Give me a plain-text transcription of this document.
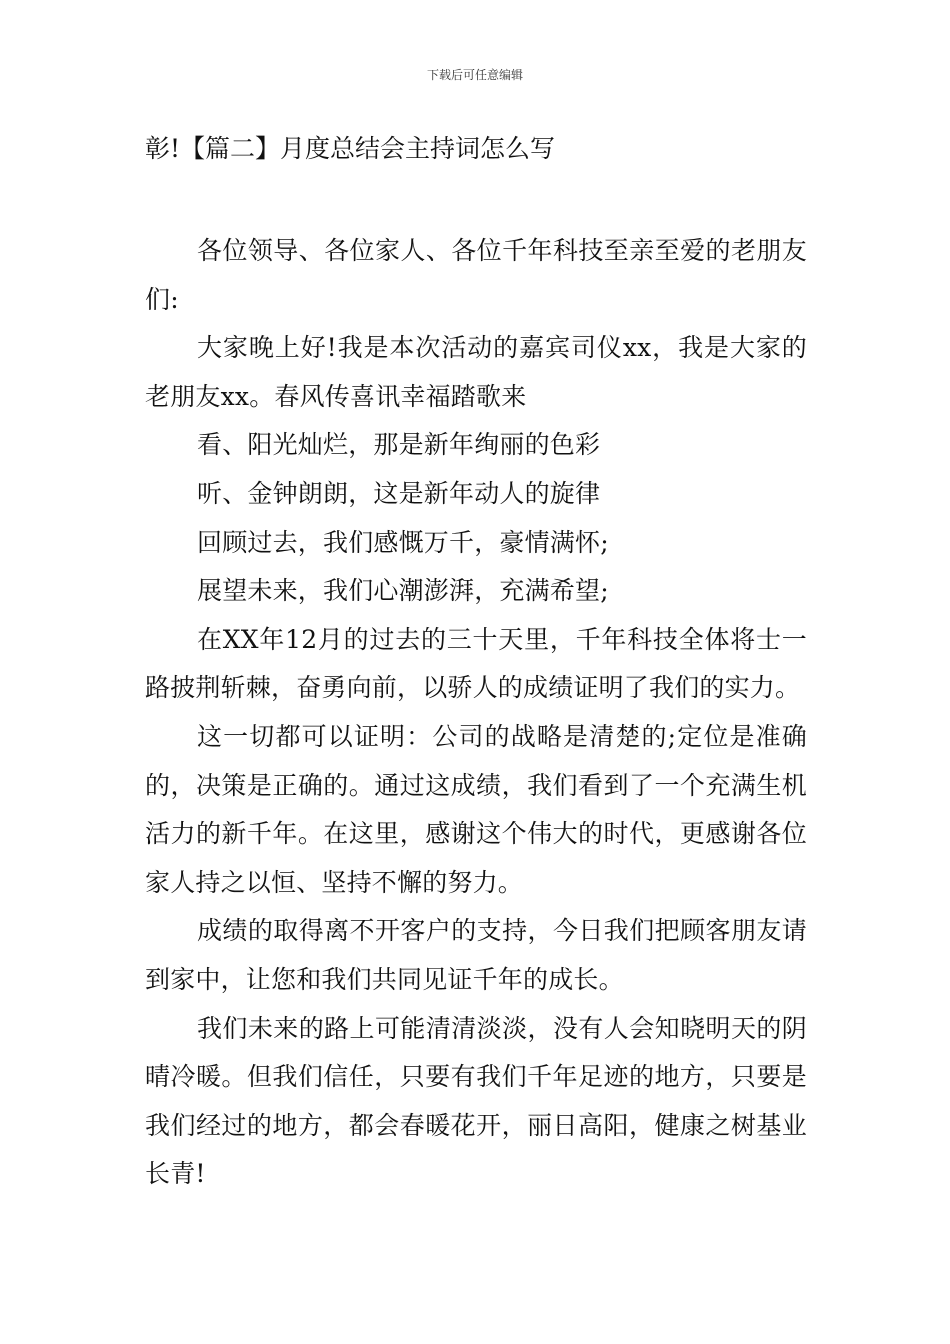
下载后可任意编辑
彰!【篇二】月度总结会主持词怎么写

各位领导、各位家人、各位千年科技至亲至爱的老朋友们:

大家晚上好!我是本次活动的嘉宾司仪xx，我是大家的老朋友xx。春风传喜讯幸福踏歌来

看、阳光灿烂，那是新年绚丽的色彩

听、金钟朗朗，这是新年动人的旋律

回顾过去，我们感慨万千，豪情满怀;

展望未来，我们心潮澎湃，充满希望;

在XX年12月的过去的三十天里，千年科技全体将士一路披荆斩棘，奋勇向前，以骄人的成绩证明了我们的实力。

这一切都可以证明：公司的战略是清楚的;定位是准确的，决策是正确的。通过这成绩，我们看到了一个充满生机活力的新千年。在这里，感谢这个伟大的时代，更感谢各位家人持之以恒、坚持不懈的努力。

成绩的取得离不开客户的支持，今日我们把顾客朋友请到家中，让您和我们共同见证千年的成长。

我们未来的路上可能清清淡淡，没有人会知晓明天的阴晴冷暖。但我们信任，只要有我们千年足迹的地方，只要是我们经过的地方，都会春暖花开，丽日高阳，健康之树基业长青!
